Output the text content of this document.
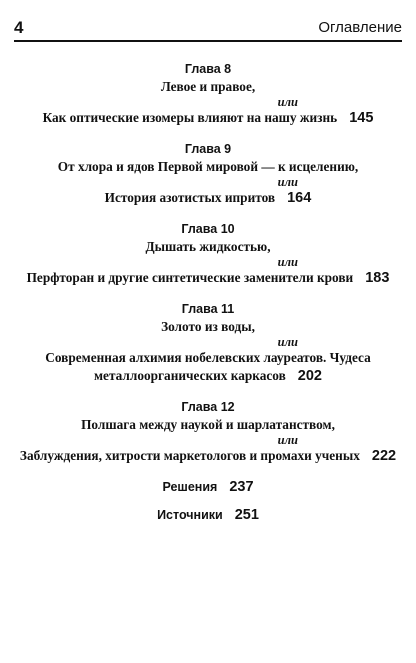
4	Оглавление
Глава 8
Левое и правое,
или
Как оптические изомеры влияют на нашу жизнь 145
Глава 9
От хлора и ядов Первой мировой — к исцелению,
или
История азотистых ипритов 164
Глава 10
Дышать жидкостью,
или
Перфторан и другие синтетические заменители крови 183
Глава 11
Золото из воды,
или
Современная алхимия нобелевских лауреатов. Чудеса
металлоорганических каркасов 202
Глава 12
Полшага между наукой и шарлатанством,
или
Заблуждения, хитрости маркетологов и промахи ученых 222
Решения 237
Источники 251
